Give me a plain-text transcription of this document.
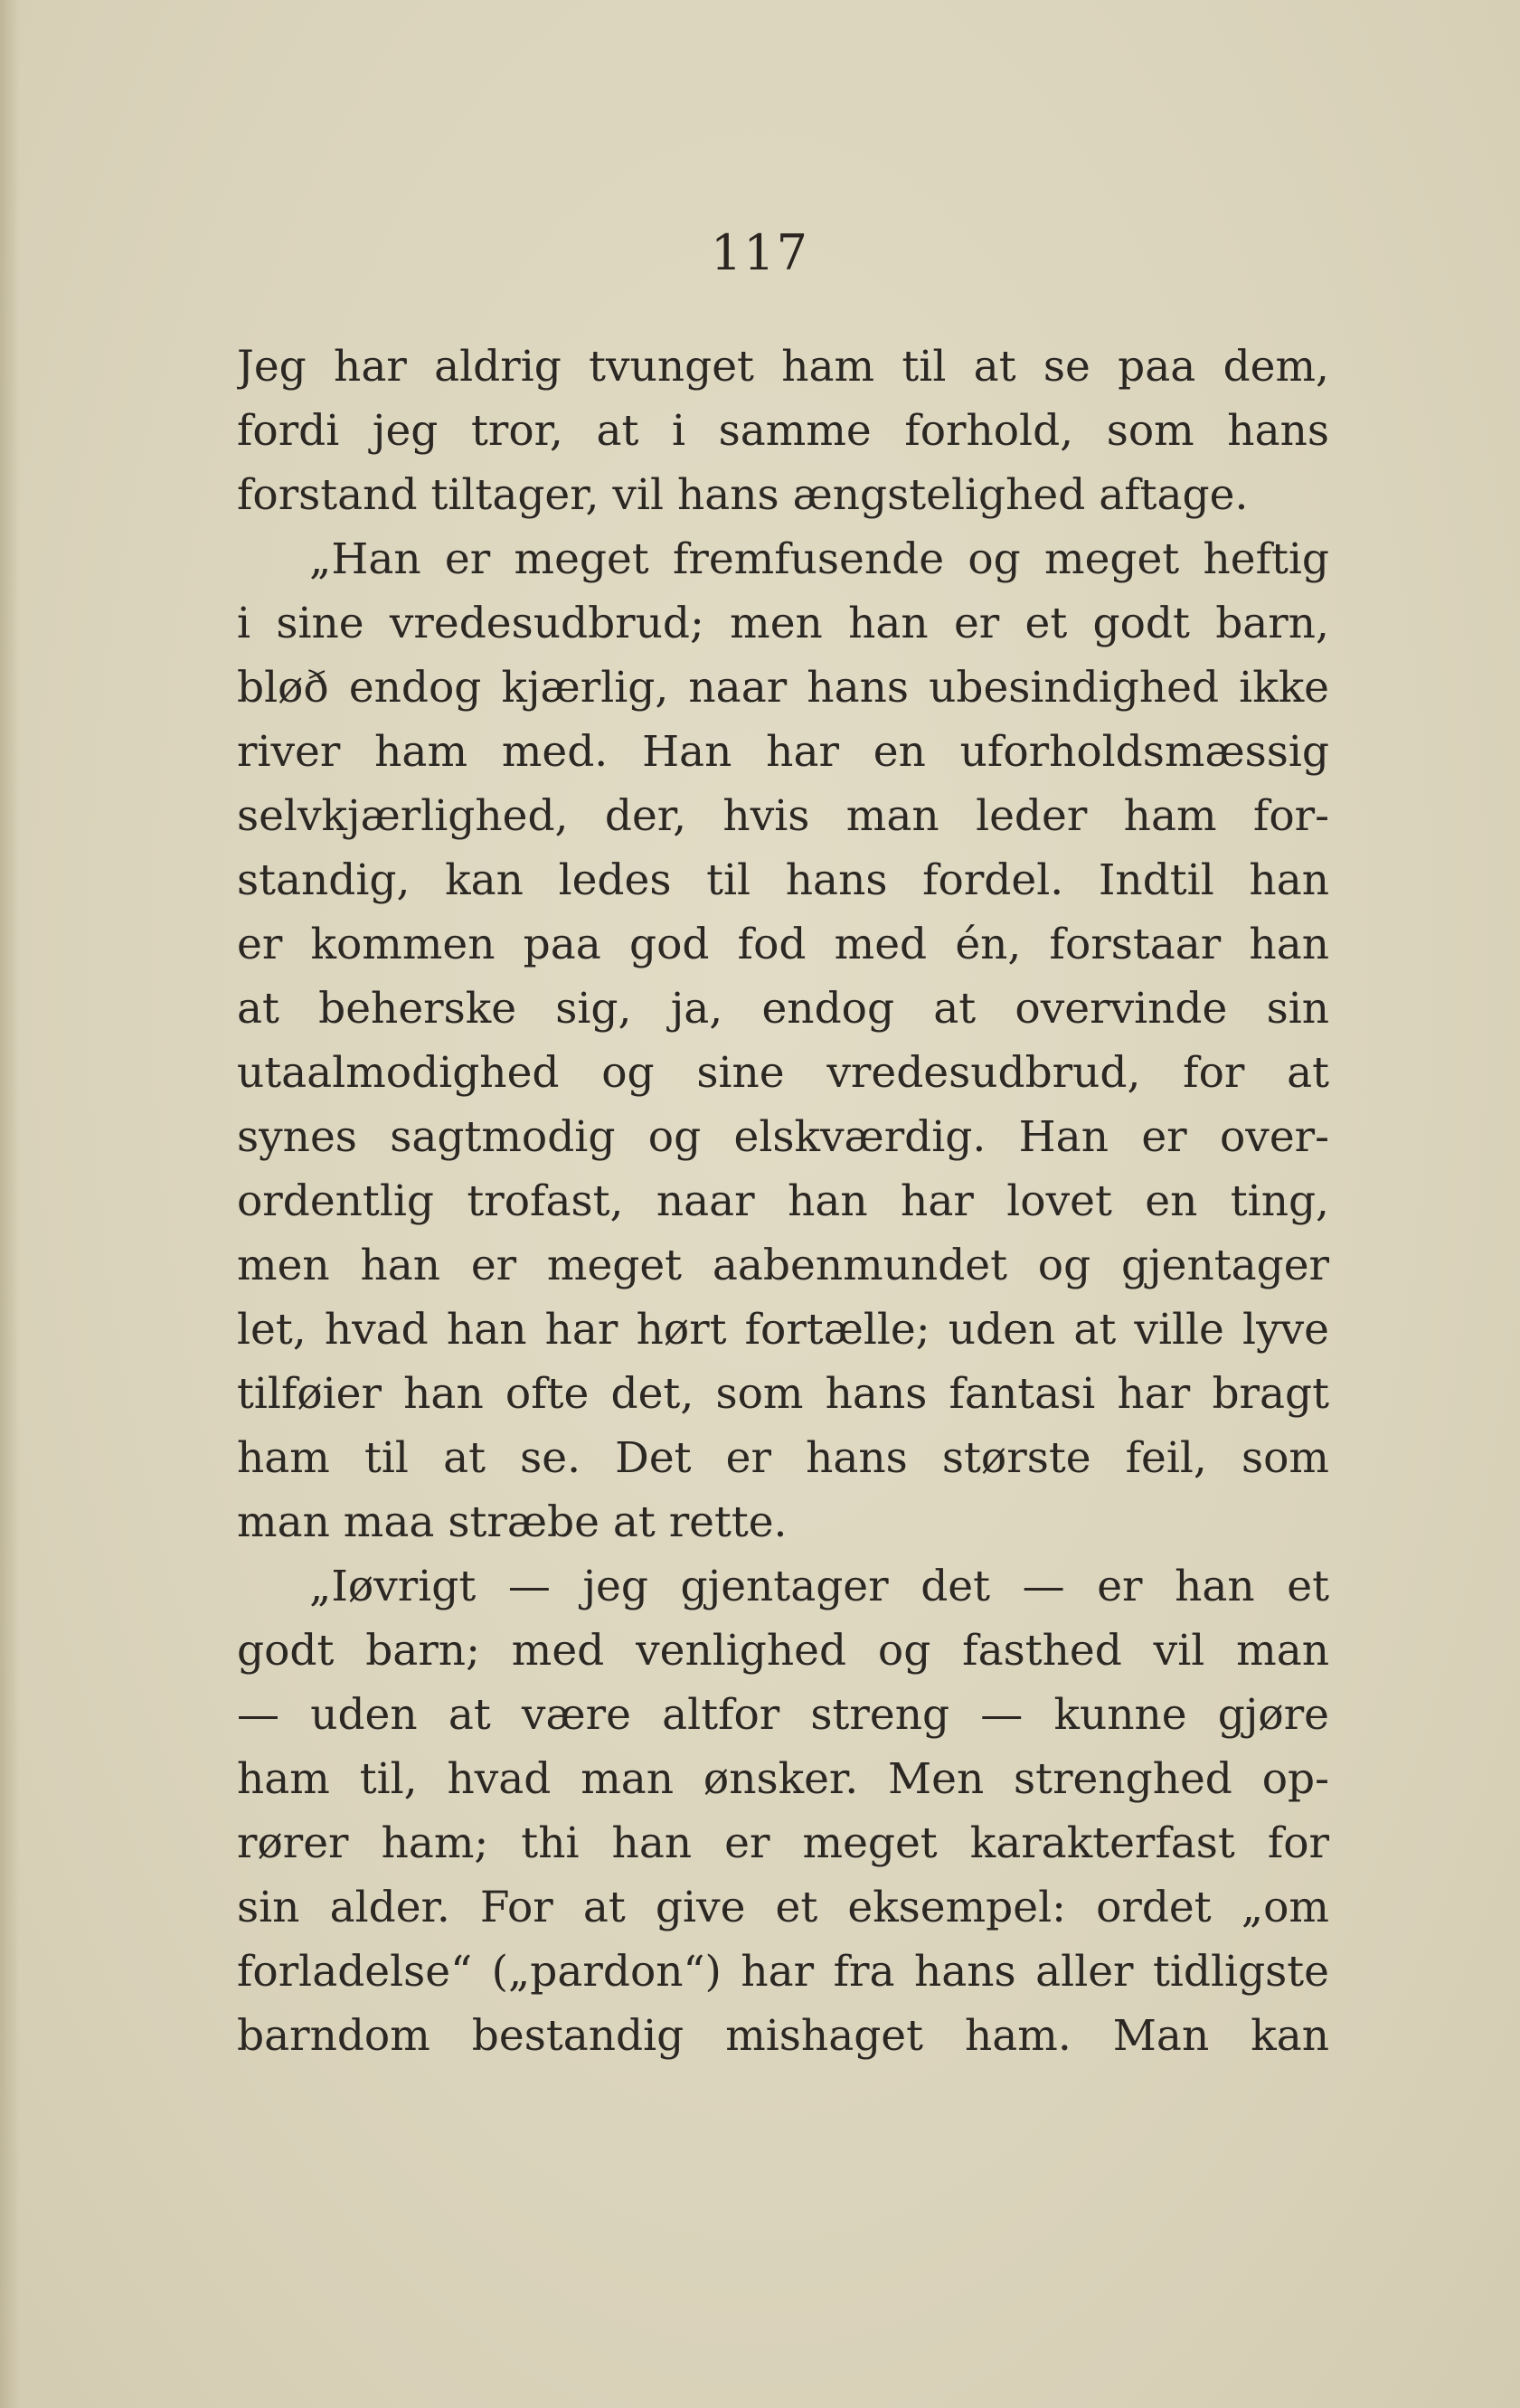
117
Jeg har aldrig tvunget ham til at se paa dem,
fordi jeg tror, at i samme forhold, som hans
forstand tiltager, vil hans ængstelighed aftage.
„Han er meget fremfusende og meget heftig
i sine vredesudbrud; men han er et godt barn,
bløð endog kjærlig, naar hans ubesindighed ikke
river ham med. Han har en uforholdsmæssig
selvkjærlighed, der, hvis man leder ham for-
standig, kan ledes til hans fordel. Indtil han
er kommen paa god fod med én, forstaar han
at beherske sig, ja, endog at overvinde sin
utaalmodighed og sine vredesudbrud, for at
synes sagtmodig og elskværdig. Han er over-
ordentlig trofast, naar han har lovet en ting,
men han er meget aabenmundet og gjentager
let, hvad han har hørt fortælle; uden at ville lyve
tilføier han ofte det, som hans fantasi har bragt
ham til at se. Det er hans største feil, som
man maa stræbe at rette.
„Iøvrigt — jeg gjentager det — er han et
godt barn; med venlighed og fasthed vil man
— uden at være altfor streng — kunne gjøre
ham til, hvad man ønsker. Men strenghed op-
rører ham; thi han er meget karakterfast for
sin alder. For at give et eksempel: ordet „om
forladelse“ („pardon“) har fra hans aller tidligste
barndom bestandig mishaget ham. Man kan
